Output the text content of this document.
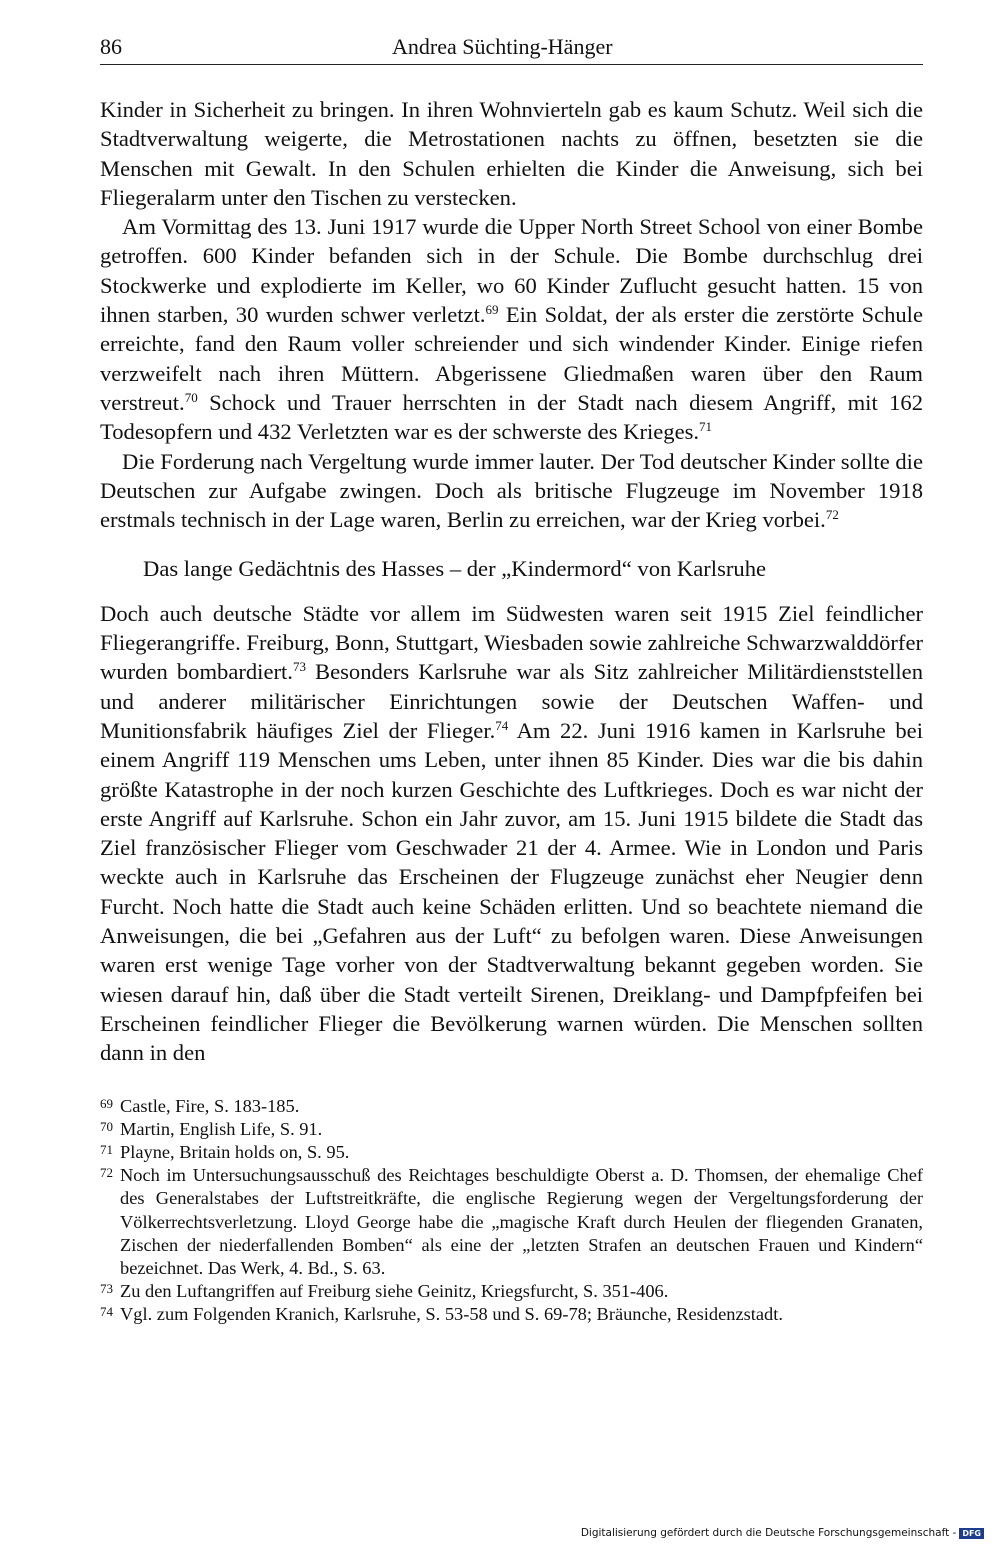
86	Andrea Süchting-Hänger

Kinder in Sicherheit zu bringen. In ihren Wohnvierteln gab es kaum Schutz. Weil sich die Stadtverwaltung weigerte, die Metrostationen nachts zu öffnen, besetzten sie die Menschen mit Gewalt. In den Schulen erhielten die Kinder die Anweisung, sich bei Fliegeralarm unter den Tischen zu verstecken.

Am Vormittag des 13. Juni 1917 wurde die Upper North Street School von einer Bombe getroffen. 600 Kinder befanden sich in der Schule. Die Bombe durchschlug drei Stockwerke und explodierte im Keller, wo 60 Kinder Zuflucht gesucht hatten. 15 von ihnen starben, 30 wurden schwer verletzt.$^{69}$ Ein Soldat, der als erster die zerstörte Schule erreichte, fand den Raum voller schreiender und sich windender Kinder. Einige riefen verzweifelt nach ihren Müttern. Abgerissene Gliedmaßen waren über den Raum verstreut.$^{70}$ Schock und Trauer herrschten in der Stadt nach diesem Angriff, mit 162 Todesopfern und 432 Verletzten war es der schwerste des Krieges.$^{71}$

Die Forderung nach Vergeltung wurde immer lauter. Der Tod deutscher Kinder sollte die Deutschen zur Aufgabe zwingen. Doch als britische Flugzeuge im November 1918 erstmals technisch in der Lage waren, Berlin zu erreichen, war der Krieg vorbei.$^{72}$

Das lange Gedächtnis des Hasses – der „Kindermord“ von Karlsruhe

Doch auch deutsche Städte vor allem im Südwesten waren seit 1915 Ziel feindlicher Fliegerangriffe. Freiburg, Bonn, Stuttgart, Wiesbaden sowie zahlreiche Schwarzwalddörfer wurden bombardiert.$^{73}$ Besonders Karlsruhe war als Sitz zahlreicher Militärdienststellen und anderer militärischer Einrichtungen sowie der Deutschen Waffen- und Munitionsfabrik häufiges Ziel der Flieger.$^{74}$ Am 22. Juni 1916 kamen in Karlsruhe bei einem Angriff 119 Menschen ums Leben, unter ihnen 85 Kinder. Dies war die bis dahin größte Katastrophe in der noch kurzen Geschichte des Luftkrieges. Doch es war nicht der erste Angriff auf Karlsruhe. Schon ein Jahr zuvor, am 15. Juni 1915 bildete die Stadt das Ziel französischer Flieger vom Geschwader 21 der 4. Armee. Wie in London und Paris weckte auch in Karlsruhe das Erscheinen der Flugzeuge zunächst eher Neugier denn Furcht. Noch hatte die Stadt auch keine Schäden erlitten. Und so beachtete niemand die Anweisungen, die bei „Gefahren aus der Luft“ zu befolgen waren. Diese Anweisungen waren erst wenige Tage vorher von der Stadtverwaltung bekannt gegeben worden. Sie wiesen darauf hin, daß über die Stadt verteilt Sirenen, Dreiklang- und Dampfpfeifen bei Erscheinen feindlicher Flieger die Bevölkerung warnen würden. Die Menschen sollten dann in den

69 Castle, Fire, S. 183-185.
70 Martin, English Life, S. 91.
71 Playne, Britain holds on, S. 95.
72 Noch im Untersuchungsausschuß des Reichtages beschuldigte Oberst a. D. Thomsen, der ehemalige Chef des Generalstabes der Luftstreitkräfte, die englische Regierung wegen der Vergeltungsforderung der Völkerrechtsverletzung. Lloyd George habe die „magische Kraft durch Heulen der fliegenden Granaten, Zischen der niederfallenden Bomben“ als eine der „letzten Strafen an deutschen Frauen und Kindern“ bezeichnet. Das Werk, 4. Bd., S. 63.
73 Zu den Luftangriffen auf Freiburg siehe Geinitz, Kriegsfurcht, S. 351-406.
74 Vgl. zum Folgenden Kranich, Karlsruhe, S. 53-58 und S. 69-78; Bräunche, Residenzstadt.
Digitalisierung gefördert durch die Deutsche Forschungsgemeinschaft - DFG
